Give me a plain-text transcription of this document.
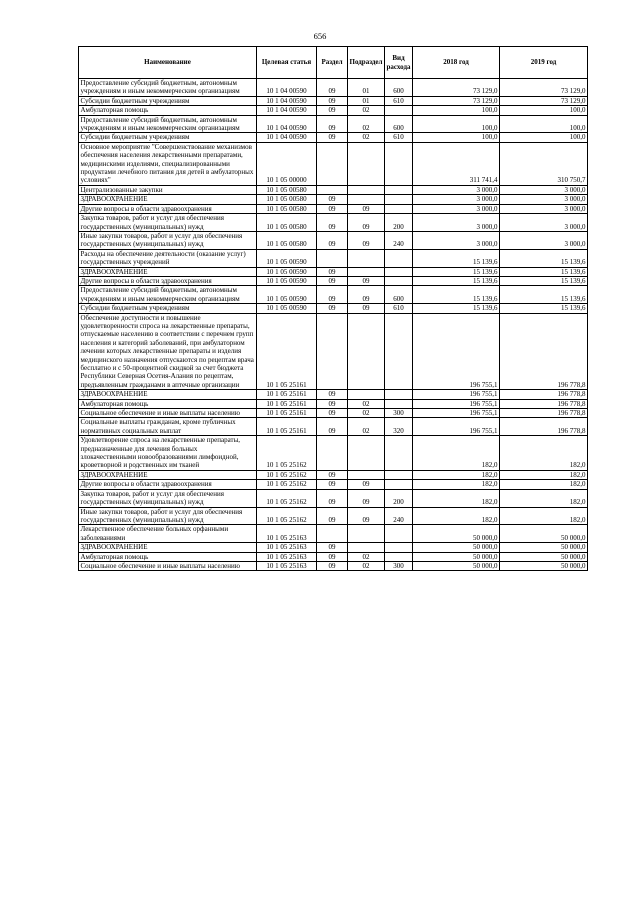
656
Наименование	Целевая статья	Раздел	Подраздел	Вид расхода	2018 год	2019 год
Предоставление субсидий бюджетным, автономным учреждениям и иным некоммерческим организациям	10 1 04 00590	09	01	600	73 129,0	73 129,0
Субсидии бюджетным учреждениям	10 1 04 00590	09	01	610	73 129,0	73 129,0
Амбулаторная помощь	10 1 04 00590	09	02		100,0	100,0
Предоставление субсидий бюджетным, автономным учреждениям и иным некоммерческим организациям	10 1 04 00590	09	02	600	100,0	100,0
Субсидии бюджетным учреждениям	10 1 04 00590	09	02	610	100,0	100,0
Основное мероприятие "Совершенствование механизмов обеспечения населения лекарственными препаратами, медицинскими изделиями, специализированными продуктами лечебного питания для детей в амбулаторных условиях"	10 1 05 00000				311 741,4	310 750,7
Централизованные закупки	10 1 05 00580				3 000,0	3 000,0
ЗДРАВООХРАНЕНИЕ	10 1 05 00580	09			3 000,0	3 000,0
Другие вопросы в области здравоохранения	10 1 05 00580	09	09		3 000,0	3 000,0
Закупка товаров, работ и услуг для обеспечения государственных (муниципальных) нужд	10 1 05 00580	09	09	200	3 000,0	3 000,0
Иные закупки товаров, работ и услуг для обеспечения государственных (муниципальных) нужд	10 1 05 00580	09	09	240	3 000,0	3 000,0
Расходы на обеспечение деятельности (оказание услуг) государственных учреждений	10 1 05 00590				15 139,6	15 139,6
ЗДРАВООХРАНЕНИЕ	10 1 05 00590	09			15 139,6	15 139,6
Другие вопросы в области здравоохранения	10 1 05 00590	09	09		15 139,6	15 139,6
Предоставление субсидий бюджетным, автономным учреждениям и иным некоммерческим организациям	10 1 05 00590	09	09	600	15 139,6	15 139,6
Субсидии бюджетным учреждениям	10 1 05 00590	09	09	610	15 139,6	15 139,6
Обеспечение доступности и повышение удовлетворенности спроса на лекарственные препараты, отпускаемые населению в соответствии с перечнем групп населения и категорий заболеваний, при амбулаторном лечении которых лекарственные препараты и изделия медицинского назначения отпускаются по рецептам врача бесплатно и с 50-процентной скидкой за счет бюджета Республики Северная Осетия-Алания по рецептам, предъявленным гражданами в аптечные организации	10 1 05 25161				196 755,1	196 778,8
ЗДРАВООХРАНЕНИЕ	10 1 05 25161	09			196 755,1	196 778,8
Амбулаторная помощь	10 1 05 25161	09	02		196 755,1	196 778,8
Социальное обеспечение и иные выплаты населению	10 1 05 25161	09	02	300	196 755,1	196 778,8
Социальные выплаты гражданам, кроме публичных нормативных социальных выплат	10 1 05 25161	09	02	320	196 755,1	196 778,8
Удовлетворение спроса на лекарственные препараты, предназначенные для лечения больных злокачественными новообразованиями лимфоидной, кроветворной и родственных им тканей	10 1 05 25162				182,0	182,0
ЗДРАВООХРАНЕНИЕ	10 1 05 25162	09			182,0	182,0
Другие вопросы в области здравоохранения	10 1 05 25162	09	09		182,0	182,0
Закупка товаров, работ и услуг для обеспечения государственных (муниципальных) нужд	10 1 05 25162	09	09	200	182,0	182,0
Иные закупки товаров, работ и услуг для обеспечения государственных (муниципальных) нужд	10 1 05 25162	09	09	240	182,0	182,0
Лекарственное обеспечение больных орфанными заболеваниями	10 1 05 25163				50 000,0	50 000,0
ЗДРАВООХРАНЕНИЕ	10 1 05 25163	09			50 000,0	50 000,0
Амбулаторная помощь	10 1 05 25163	09	02		50 000,0	50 000,0
Социальное обеспечение и иные выплаты населению	10 1 05 25163	09	02	300	50 000,0	50 000,0
